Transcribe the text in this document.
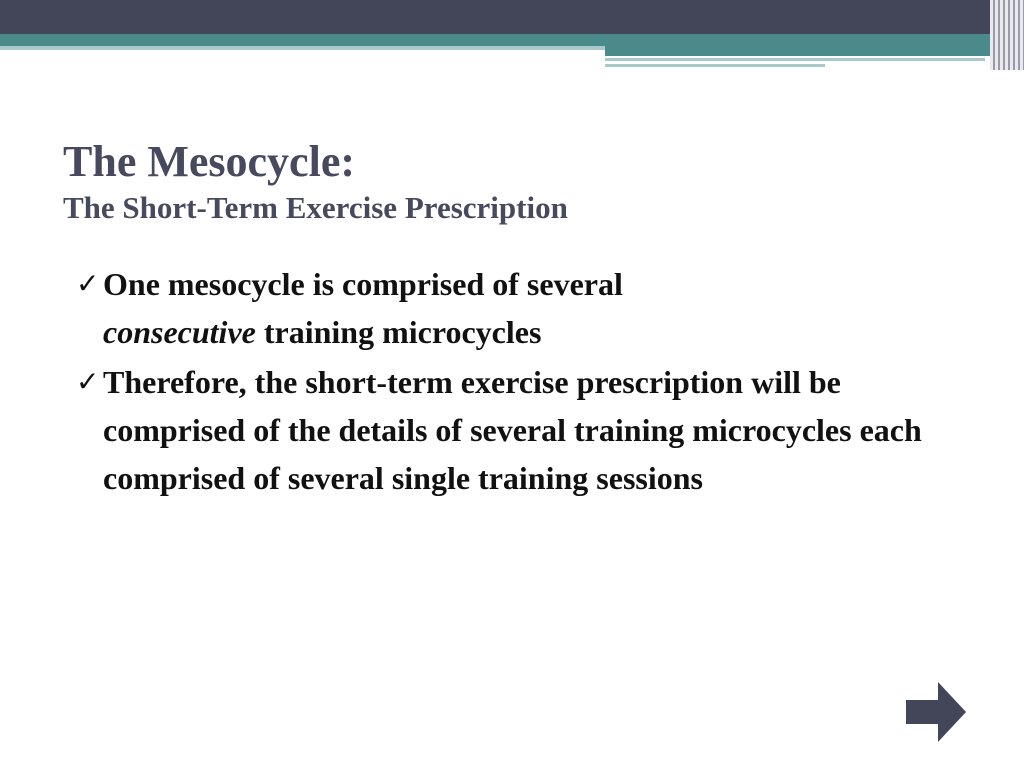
The Mesocycle:
The Short-Term Exercise Prescription
✓ One mesocycle is comprised of several
consecutive training microcycles
✓ Therefore, the short-term exercise prescription will be comprised of the details of several training microcycles each comprised of several single training sessions
